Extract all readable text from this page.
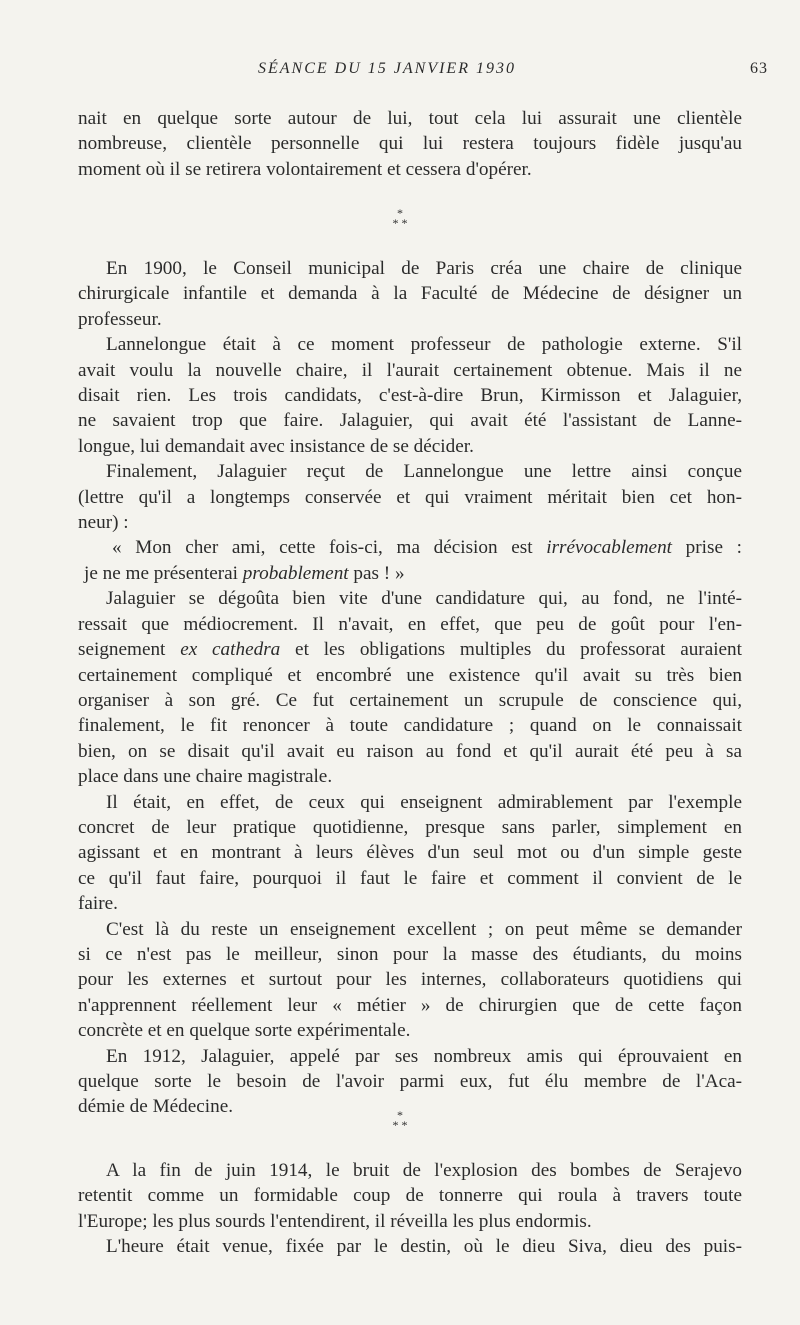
SÉANCE DU 15 JANVIER 1930	63
nait en quelque sorte autour de lui, tout cela lui assurait une clientèle
nombreuse, clientèle personnelle qui lui restera toujours fidèle jusqu'au
moment où il se retirera volontairement et cessera d'opérer.
*
* *
En 1900, le Conseil municipal de Paris créa une chaire de clinique
chirurgicale infantile et demanda à la Faculté de Médecine de désigner un
professeur.
Lannelongue était à ce moment professeur de pathologie externe. S'il
avait voulu la nouvelle chaire, il l'aurait certainement obtenue. Mais il ne
disait rien. Les trois candidats, c'est-à-dire Brun, Kirmisson et Jalaguier,
ne savaient trop que faire. Jalaguier, qui avait été l'assistant de Lanne-
longue, lui demandait avec insistance de se décider.
Finalement, Jalaguier reçut de Lannelongue une lettre ainsi conçue
(lettre qu'il a longtemps conservée et qui vraiment méritait bien cet hon-
neur) :
« Mon cher ami, cette fois-ci, ma décision est irrévocablement prise :
je ne me présenterai probablement pas ! »
Jalaguier se dégoûta bien vite d'une candidature qui, au fond, ne l'inté-
ressait que médiocrement. Il n'avait, en effet, que peu de goût pour l'en-
seignement ex cathedra et les obligations multiples du professorat auraient
certainement compliqué et encombré une existence qu'il avait su très bien
organiser à son gré. Ce fut certainement un scrupule de conscience qui,
finalement, le fit renoncer à toute candidature ; quand on le connaissait
bien, on se disait qu'il avait eu raison au fond et qu'il aurait été peu à sa
place dans une chaire magistrale.
Il était, en effet, de ceux qui enseignent admirablement par l'exemple
concret de leur pratique quotidienne, presque sans parler, simplement en
agissant et en montrant à leurs élèves d'un seul mot ou d'un simple geste
ce qu'il faut faire, pourquoi il faut le faire et comment il convient de le
faire.
C'est là du reste un enseignement excellent ; on peut même se demander
si ce n'est pas le meilleur, sinon pour la masse des étudiants, du moins
pour les externes et surtout pour les internes, collaborateurs quotidiens qui
n'apprennent réellement leur « métier » de chirurgien que de cette façon
concrète et en quelque sorte expérimentale.
En 1912, Jalaguier, appelé par ses nombreux amis qui éprouvaient en
quelque sorte le besoin de l'avoir parmi eux, fut élu membre de l'Aca-
démie de Médecine.	*
* *
A la fin de juin 1914, le bruit de l'explosion des bombes de Serajevo
retentit comme un formidable coup de tonnerre qui roula à travers toute
l'Europe; les plus sourds l'entendirent, il réveilla les plus endormis.
L'heure était venue, fixée par le destin, où le dieu Siva, dieu des puis-
